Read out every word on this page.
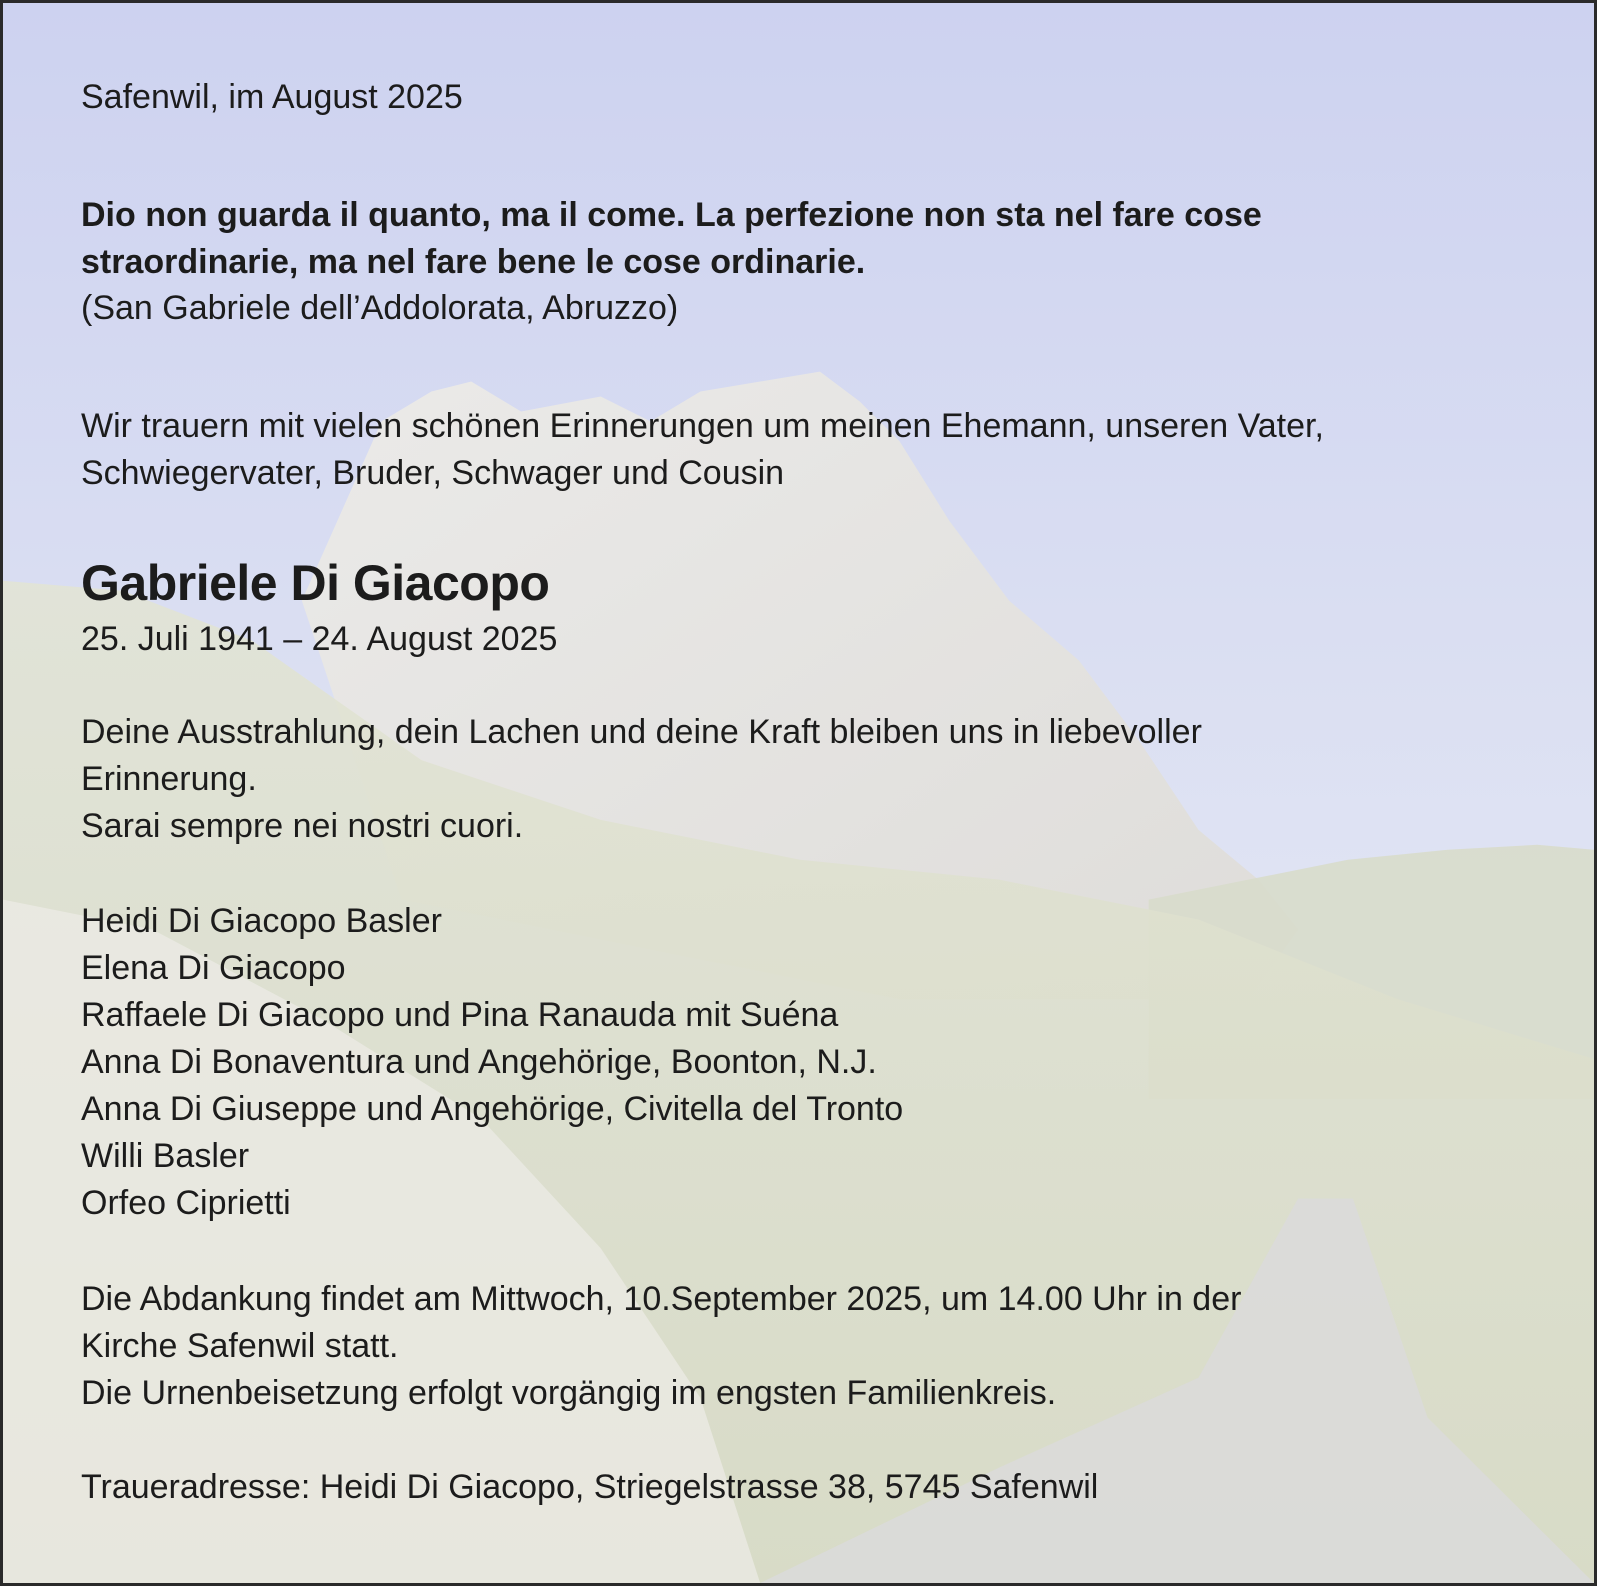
Safenwil, im August 2025
Dio non guarda il quanto, ma il come. La perfezione non sta nel fare cose
straordinarie, ma nel fare bene le cose ordinarie.
(San Gabriele dell’Addolorata, Abruzzo)
Wir trauern mit vielen schönen Erinnerungen um meinen Ehemann, unseren Vater,
Schwiegervater, Bruder, Schwager und Cousin
Gabriele Di Giacopo
25. Juli 1941 – 24. August 2025
Deine Ausstrahlung, dein Lachen und deine Kraft bleiben uns in liebevoller
Erinnerung.
Sarai sempre nei nostri cuori.
Heidi Di Giacopo Basler
Elena Di Giacopo
Raffaele Di Giacopo und Pina Ranauda mit Suéna
Anna Di Bonaventura und Angehörige, Boonton, N.J.
Anna Di Giuseppe und Angehörige, Civitella del Tronto
Willi Basler
Orfeo Ciprietti
Die Abdankung findet am Mittwoch, 10.September 2025, um 14.00 Uhr in der
Kirche Safenwil statt.
Die Urnenbeisetzung erfolgt vorgängig im engsten Familienkreis.
Traueradresse: Heidi Di Giacopo, Striegelstrasse 38, 5745 Safenwil
